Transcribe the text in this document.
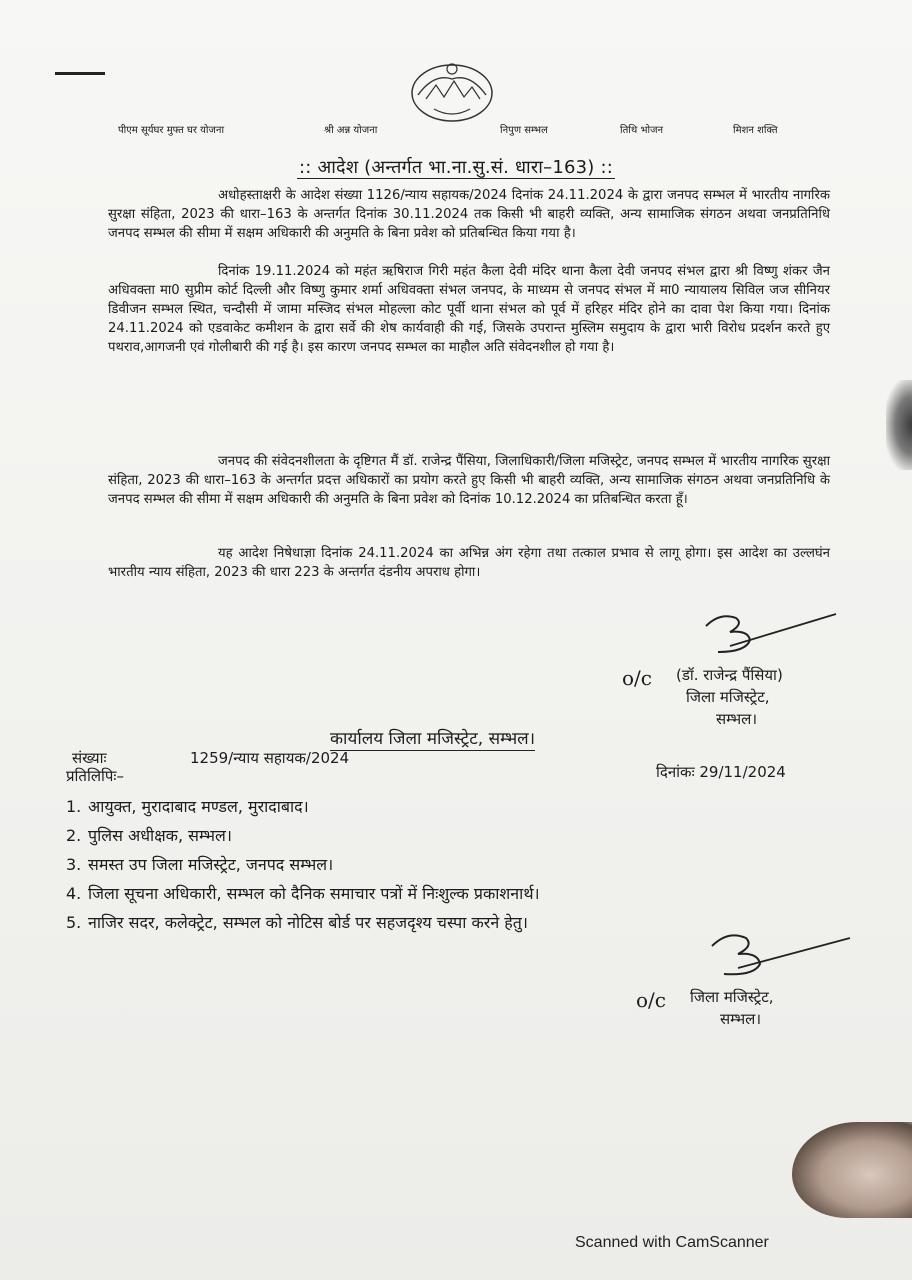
पीएम सूर्यघर मुफ्त घर योजना	श्री अन्न योजना	निपुण सम्भल	तिथि भोजन	मिशन शक्ति
:: आदेश (अन्तर्गत भा.ना.सु.सं. धारा–163) ::

अधोहस्ताक्षरी के आदेश संख्या 1126/न्याय सहायक/2024 दिनांक 24.11.2024 के द्वारा जनपद सम्भल में भारतीय नागरिक सुरक्षा संहिता, 2023 की धारा–163 के अन्तर्गत दिनांक 30.11.2024 तक किसी भी बाहरी व्यक्ति, अन्य सामाजिक संगठन अथवा जनप्रतिनिधि जनपद सम्भल की सीमा में सक्षम अधिकारी की अनुमति के बिना प्रवेश को प्रतिबन्धित किया गया है।

दिनांक 19.11.2024 को महंत ऋषिराज गिरी महंत कैला देवी मंदिर थाना कैला देवी जनपद संभल द्वारा श्री विष्णु शंकर जैन अधिवक्ता मा0 सुप्रीम कोर्ट दिल्ली और विष्णु कुमार शर्मा अधिवक्ता संभल जनपद, के माध्यम से जनपद संभल में मा0 न्यायालय सिविल जज सीनियर डिवीजन सम्भल स्थित, चन्दौसी में जामा मस्जिद संभल मोहल्ला कोट पूर्वी थाना संभल को पूर्व में हरिहर मंदिर होने का दावा पेश किया गया। दिनांक 24.11.2024 को एडवाकेट कमीशन के द्वारा सर्वे की शेष कार्यवाही की गई, जिसके उपरान्त मुस्लिम समुदाय के द्वारा भारी विरोध प्रदर्शन करते हुए पथराव,आगजनी एवं गोलीबारी की गई है। इस कारण जनपद सम्भल का माहौल अति संवेदनशील हो गया है।

जनपद की संवेदनशीलता के दृष्टिगत मैं डॉ. राजेन्द्र पैंसिया, जिलाधिकारी/जिला मजिस्ट्रेट, जनपद सम्भल में भारतीय नागरिक सुरक्षा संहिता, 2023 की धारा–163 के अन्तर्गत प्रदत्त अधिकारों का प्रयोग करते हुए किसी भी बाहरी व्यक्ति, अन्य सामाजिक संगठन अथवा जनप्रतिनिधि के जनपद सम्भल की सीमा में सक्षम अधिकारी की अनुमति के बिना प्रवेश को दिनांक 10.12.2024 का प्रतिबन्धित करता हूँ।

यह आदेश निषेधाज्ञा दिनांक 24.11.2024 का अभिन्न अंग रहेगा तथा तत्काल प्रभाव से लागू होगा। इस आदेश का उल्लघंन भारतीय न्याय संहिता, 2023 की धारा 223 के अन्तर्गत दंडनीय अपराध होगा।

o/c (डॉ. राजेन्द्र पैंसिया)
जिला मजिस्ट्रेट,
सम्भल।
कार्यालय जिला मजिस्ट्रेट, सम्भल।
संख्याः	1259/न्याय सहायक/2024
दिनांकः 29/11/2024
प्रतिलिपिः–
1. आयुक्त, मुरादाबाद मण्डल, मुरादाबाद।
2. पुलिस अधीक्षक, सम्भल।
3. समस्त उप जिला मजिस्ट्रेट, जनपद सम्भल।
4. जिला सूचना अधिकारी, सम्भल को दैनिक समाचार पत्रों में निःशुल्क प्रकाशनार्थ।
5. नाजिर सदर, कलेक्ट्रेट, सम्भल को नोटिस बोर्ड पर सहजदृश्य चस्पा करने हेतु।
o/c जिला मजिस्ट्रेट,
सम्भल।
Scanned with CamScanner
